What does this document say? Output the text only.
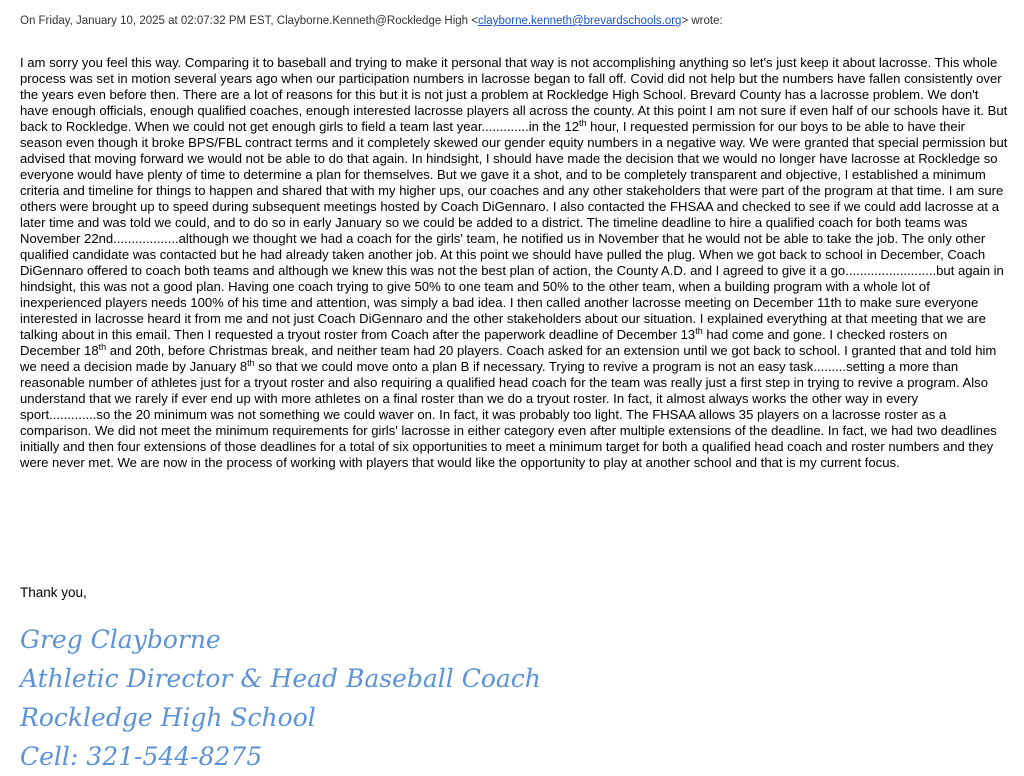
On Friday, January 10, 2025 at 02:07:32 PM EST, Clayborne.Kenneth@Rockledge High <clayborne.kenneth@brevardschools.org> wrote:

I am sorry you feel this way. Comparing it to baseball and trying to make it personal that way is not accomplishing anything so let's just keep it about lacrosse. This whole process was set in motion several years ago when our participation numbers in lacrosse began to fall off. Covid did not help but the numbers have fallen consistently over the years even before then. There are a lot of reasons for this but it is not just a problem at Rockledge High School. Brevard County has a lacrosse problem. We don't have enough officials, enough qualified coaches, enough interested lacrosse players all across the county. At this point I am not sure if even half of our schools have it. But back to Rockledge. When we could not get enough girls to field a team last year.............in the 12th hour, I requested permission for our boys to be able to have their season even though it broke BPS/FBL contract terms and it completely skewed our gender equity numbers in a negative way. We were granted that special permission but advised that moving forward we would not be able to do that again. In hindsight, I should have made the decision that we would no longer have lacrosse at Rockledge so everyone would have plenty of time to determine a plan for themselves. But we gave it a shot, and to be completely transparent and objective, I established a minimum criteria and timeline for things to happen and shared that with my higher ups, our coaches and any other stakeholders that were part of the program at that time. I am sure others were brought up to speed during subsequent meetings hosted by Coach DiGennaro. I also contacted the FHSAA and checked to see if we could add lacrosse at a later time and was told we could, and to do so in early January so we could be added to a district. The timeline deadline to hire a qualified coach for both teams was November 22nd..................although we thought we had a coach for the girls' team, he notified us in November that he would not be able to take the job. The only other qualified candidate was contacted but he had already taken another job. At this point we should have pulled the plug. When we got back to school in December, Coach DiGennaro offered to coach both teams and although we knew this was not the best plan of action, the County A.D. and I agreed to give it a go.........................but again in hindsight, this was not a good plan. Having one coach trying to give 50% to one team and 50% to the other team, when a building program with a whole lot of inexperienced players needs 100% of his time and attention, was simply a bad idea. I then called another lacrosse meeting on December 11th to make sure everyone interested in lacrosse heard it from me and not just Coach DiGennaro and the other stakeholders about our situation. I explained everything at that meeting that we are talking about in this email. Then I requested a tryout roster from Coach after the paperwork deadline of December 13th had come and gone. I checked rosters on December 18th and 20th, before Christmas break, and neither team had 20 players. Coach asked for an extension until we got back to school. I granted that and told him we need a decision made by January 8th so that we could move onto a plan B if necessary. Trying to revive a program is not an easy task.........setting a more than reasonable number of athletes just for a tryout roster and also requiring a qualified head coach for the team was really just a first step in trying to revive a program. Also understand that we rarely if ever end up with more athletes on a final roster than we do a tryout roster. In fact, it almost always works the other way in every sport.............so the 20 minimum was not something we could waver on. In fact, it was probably too light. The FHSAA allows 35 players on a lacrosse roster as a comparison. We did not meet the minimum requirements for girls' lacrosse in either category even after multiple extensions of the deadline. In fact, we had two deadlines initially and then four extensions of those deadlines for a total of six opportunities to meet a minimum target for both a qualified head coach and roster numbers and they were never met. We are now in the process of working with players that would like the opportunity to play at another school and that is my current focus.

Thank you,
Greg Clayborne
Athletic Director & Head Baseball Coach
Rockledge High School
Cell: 321-544-8275
